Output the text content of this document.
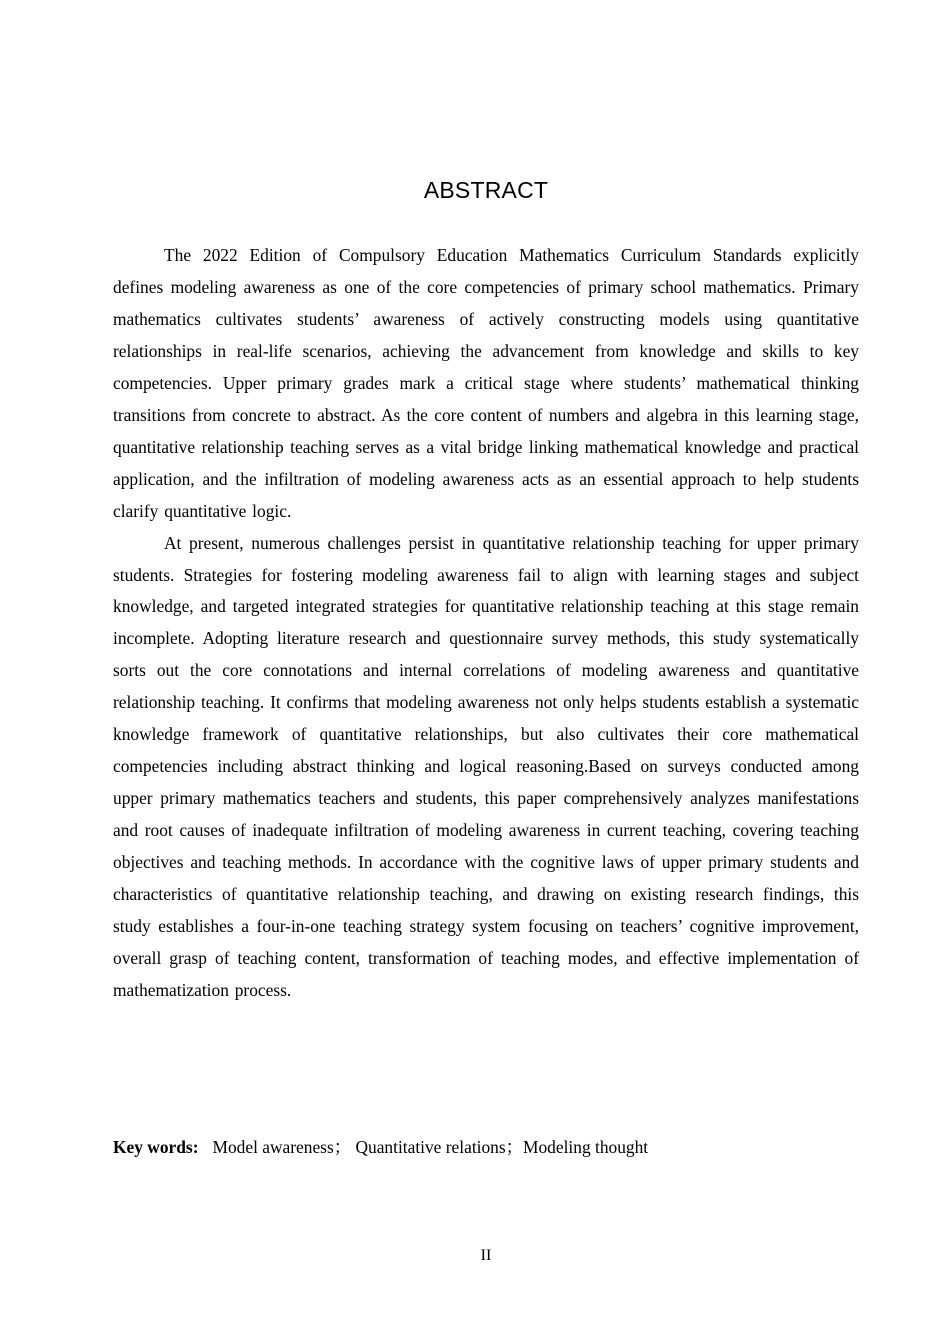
ABSTRACT

The 2022 Edition of Compulsory Education Mathematics Curriculum Standards explicitly defines modeling awareness as one of the core competencies of primary school mathematics. Primary mathematics cultivates students’ awareness of actively constructing models using quantitative relationships in real-life scenarios, achieving the advancement from knowledge and skills to key competencies. Upper primary grades mark a critical stage where students’ mathematical thinking transitions from concrete to abstract. As the core content of numbers and algebra in this learning stage, quantitative relationship teaching serves as a vital bridge linking mathematical knowledge and practical application, and the infiltration of modeling awareness acts as an essential approach to help students clarify quantitative logic.

At present, numerous challenges persist in quantitative relationship teaching for upper primary students. Strategies for fostering modeling awareness fail to align with learning stages and subject knowledge, and targeted integrated strategies for quantitative relationship teaching at this stage remain incomplete. Adopting literature research and questionnaire survey methods, this study systematically sorts out the core connotations and internal correlations of modeling awareness and quantitative relationship teaching. It confirms that modeling awareness not only helps students establish a systematic knowledge framework of quantitative relationships, but also cultivates their core mathematical competencies including abstract thinking and logical reasoning.Based on surveys conducted among upper primary mathematics teachers and students, this paper comprehensively analyzes manifestations and root causes of inadequate infiltration of modeling awareness in current teaching, covering teaching objectives and teaching methods. In accordance with the cognitive laws of upper primary students and characteristics of quantitative relationship teaching, and drawing on existing research findings, this study establishes a four-in-one teaching strategy system focusing on teachers’ cognitive improvement, overall grasp of teaching content, transformation of teaching modes, and effective implementation of mathematization process.

Key words: Model awareness； Quantitative relations；Modeling thought
II
